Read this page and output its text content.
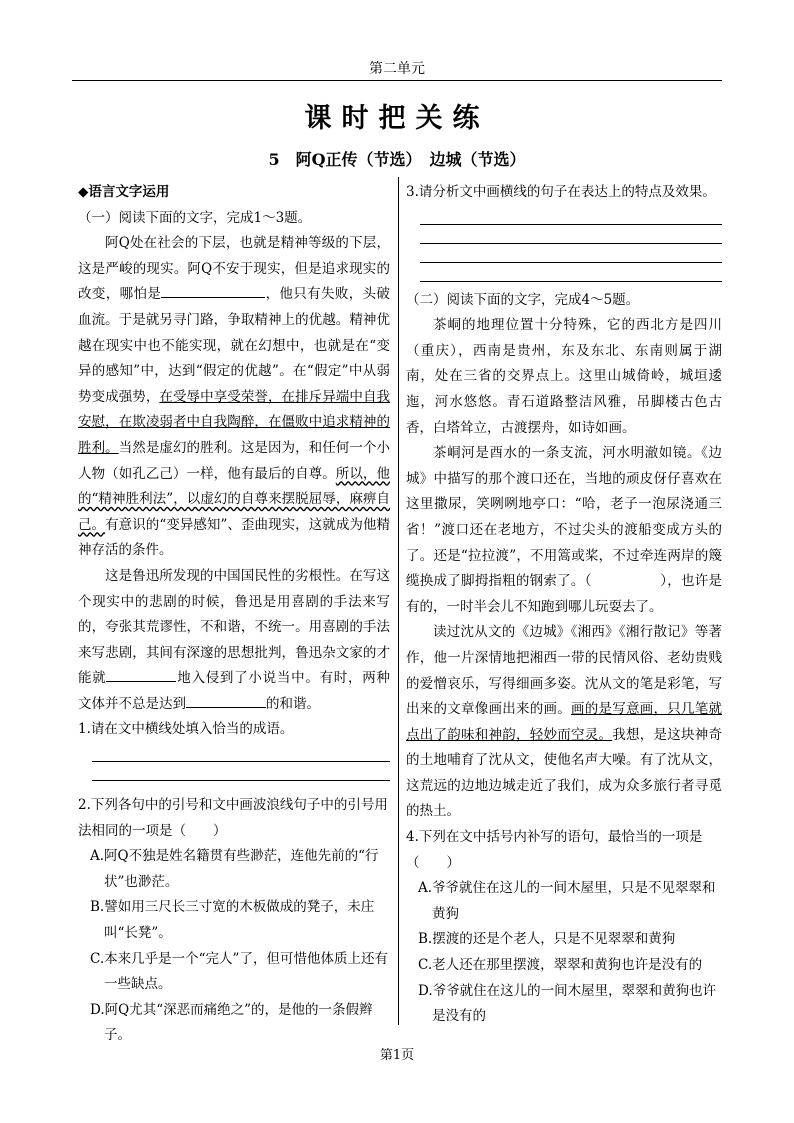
第二单元
课时把关练
5　阿Q正传（节选）　边城（节选）
◆语言文字运用
（一）阅读下面的文字，完成1～3题。

阿Q处在社会的下层，也就是精神等级的下层，这是严峻的现实。阿Q不安于现实，但是追求现实的改变，哪怕是	，他只有失败，头破血流。于是就另寻门路，争取精神上的优越。精神优越在现实中也不能实现，就在幻想中，也就是在“变异的感知”中，达到“假定的优越”。在“假定”中从弱势变成强势，在受辱中享受荣誉，在排斥异端中自我安慰，在欺凌弱者中自我陶醉，在僵败中追求精神的胜利。当然是虚幻的胜利。这是因为，和任何一个小人物（如孔乙己）一样，他有最后的自尊。所以，他的“精神胜利法”，以虚幻的自尊来摆脱屈辱，麻痹自己。有意识的“变异感知”、歪曲现实，这就成为他精神存活的条件。

这是鲁迅所发现的中国国民性的劣根性。在写这个现实中的悲剧的时候，鲁迅是用喜剧的手法来写的，夸张其荒谬性，不和谐，不统一。用喜剧的手法来写悲剧，其间有深邃的思想批判，鲁迅杂文家的才能就	地入侵到了小说当中。有时，两种文体并不总是达到	的和谐。

1.请在文中横线处填入恰当的成语。
2.下列各句中的引号和文中画波浪线句子中的引号用法相同的一项是（　　）
A.阿Q不独是姓名籍贯有些渺茫，连他先前的“行状”也渺茫。
B.譬如用三尺长三寸宽的木板做成的凳子，未庄叫“长凳”。
C.本来几乎是一个“完人”了，但可惜他体质上还有一些缺点。
D.阿Q尤其“深恶而痛绝之”的，是他的一条假辫子。
3.请分析文中画横线的句子在表达上的特点及效果。
（二）阅读下面的文字，完成4～5题。

茶峒的地理位置十分特殊，它的西北方是四川（重庆），西南是贵州，东及东北、东南则属于湖南，处在三省的交界点上。这里山城倚岭，城垣逶迤，河水悠悠。青石道路整洁风雅，吊脚楼古色古香，白塔耸立，古渡摆舟，如诗如画。

茶峒河是酉水的一条支流，河水明澈如镜。《边城》中描写的那个渡口还在，当地的顽皮伢仔喜欢在这里撒尿，笑咧咧地亭口：“哈，老子一泡尿浇通三省！”渡口还在老地方，不过尖头的渡船变成方头的了。还是“拉拉渡”，不用篙或桨，不过牵连两岸的篾缆换成了脚拇指粗的钢索了。（　　　　　），也许是有的，一时半会儿不知跑到哪儿玩耍去了。

读过沈从文的《边城》《湘西》《湘行散记》等著作，他一片深情地把湘西一带的民情风俗、老幼贵贱的爱憎哀乐，写得细画多姿。沈从文的笔是彩笔，写出来的文章像画出来的画。画的是写意画，只几笔就点出了韵味和神韵，轻妙而空灵。我想，是这块神奇的土地哺育了沈从文，使他名声大噪。有了沈从文，这荒远的边地边城走近了我们，成为众多旅行者寻觅的热土。

4.下列在文中括号内补写的语句，最恰当的一项是（　　）
A.爷爷就住在这儿的一间木屋里，只是不见翠翠和黄狗
B.摆渡的还是个老人，只是不见翠翠和黄狗
C.老人还在那里摆渡，翠翠和黄狗也许是没有的
D.爷爷就住在这儿的一间木屋里，翠翠和黄狗也许是没有的
第1页
